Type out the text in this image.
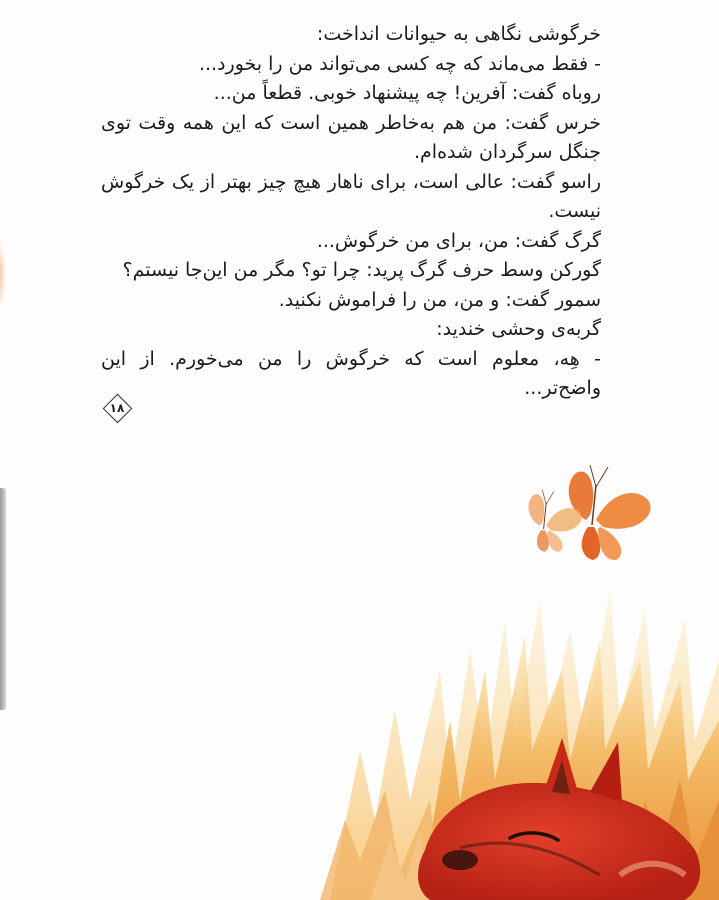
خرگوشی نگاهی به حیوانات انداخت:

- فقط می‌ماند که چه کسی می‌تواند من را بخورد...

روباه گفت: آفرین! چه پیشنهاد خوبی. قطعاً من...

خرس گفت: من هم به‌خاطر همین است که این همه وقت توی جنگل سرگردان شده‌ام.

راسو گفت: عالی است، برای ناهار هیچ چیز بهتر از یک خرگوش نیست.

گرگ گفت: من، برای من خرگوش...

گورکن وسط حرف گرگ پرید: چرا تو؟ مگر من این‌جا نیستم؟

سمور گفت: و من، من را فراموش نکنید.

گربه‌ی وحشی خندید:

- هِه، معلوم است که خرگوش را من می‌خورم. از این واضح‌تر...

۱۸
